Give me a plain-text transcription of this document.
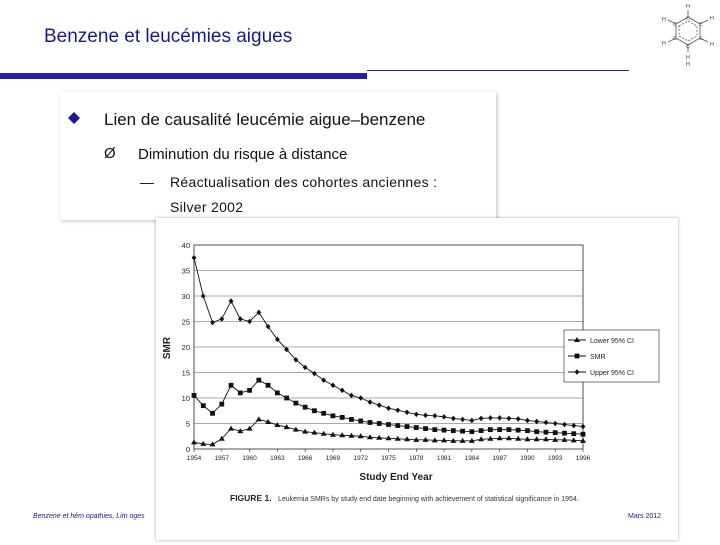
Benzene et leucémies aigues
H
C	H
C
H
H
C
C
H
C
H
C
H
Lien de causalité leucémie aigue–benzene
Ø Diminution du risque à distance
— Réactualisation des cohortes anciennes :
Silver 2002
0
5
10
15
20
25
30
35
40
1954 1957 1960 1963 1966 1969 1972 1975 1978 1981 1984 1987 1990 1993 1996
SMR
Study End Year
Lower 95% CI
SMR
Upper 95% CI
FIGURE 1. Leukemia SMRs by study end date beginning with achievement of statistical significance in 1954.
Benzene et hém opathies, Lim oges	Mars 2012
